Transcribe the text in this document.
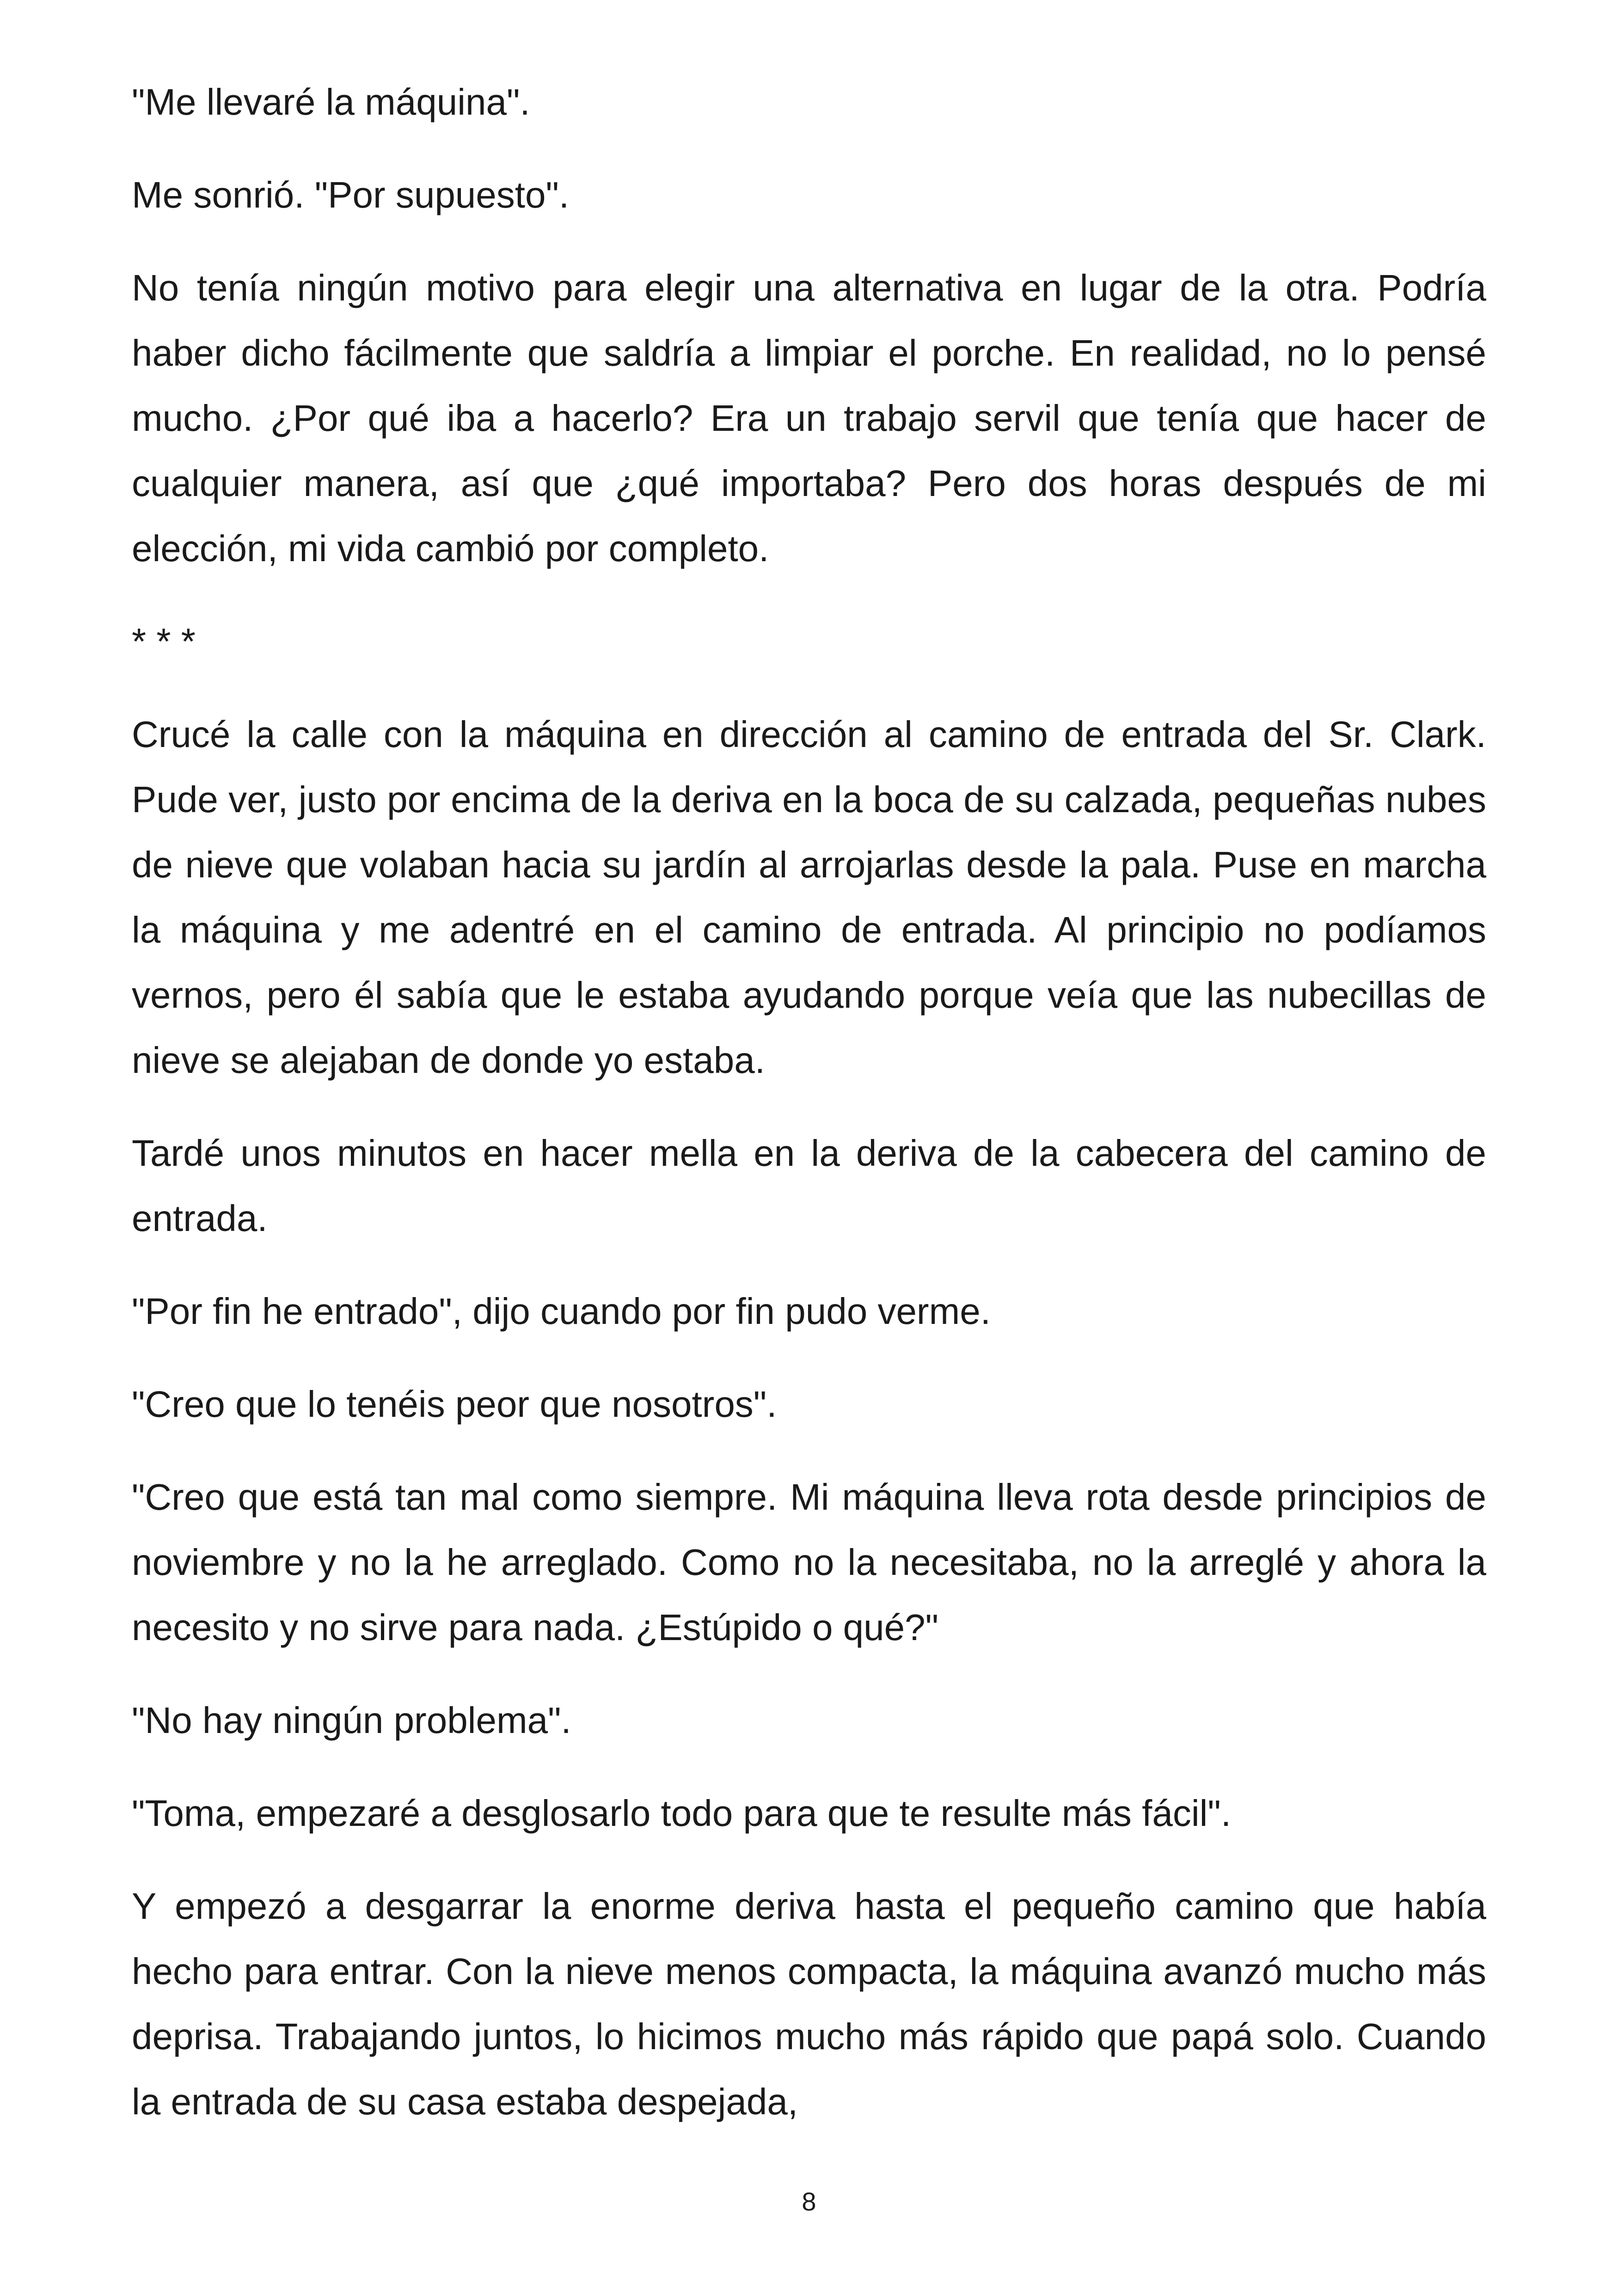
"Me llevaré la máquina".

Me sonrió. "Por supuesto".

No tenía ningún motivo para elegir una alternativa en lugar de la otra. Podría haber dicho fácilmente que saldría a limpiar el porche. En realidad, no lo pensé mucho. ¿Por qué iba a hacerlo? Era un trabajo servil que tenía que hacer de cualquier manera, así que ¿qué importaba? Pero dos horas después de mi elección, mi vida cambió por completo.

* * *

Crucé la calle con la máquina en dirección al camino de entrada del Sr. Clark. Pude ver, justo por encima de la deriva en la boca de su calzada, pequeñas nubes de nieve que volaban hacia su jardín al arrojarlas desde la pala. Puse en marcha la máquina y me adentré en el camino de entrada. Al principio no podíamos vernos, pero él sabía que le estaba ayudando porque veía que las nubecillas de nieve se alejaban de donde yo estaba.

Tardé unos minutos en hacer mella en la deriva de la cabecera del camino de entrada.

"Por fin he entrado", dijo cuando por fin pudo verme.

"Creo que lo tenéis peor que nosotros".

"Creo que está tan mal como siempre. Mi máquina lleva rota desde principios de noviembre y no la he arreglado. Como no la necesitaba, no la arreglé y ahora la necesito y no sirve para nada. ¿Estúpido o qué?"

"No hay ningún problema".

"Toma, empezaré a desglosarlo todo para que te resulte más fácil".

Y empezó a desgarrar la enorme deriva hasta el pequeño camino que había hecho para entrar. Con la nieve menos compacta, la máquina avanzó mucho más deprisa. Trabajando juntos, lo hicimos mucho más rápido que papá solo. Cuando la entrada de su casa estaba despejada,

8
